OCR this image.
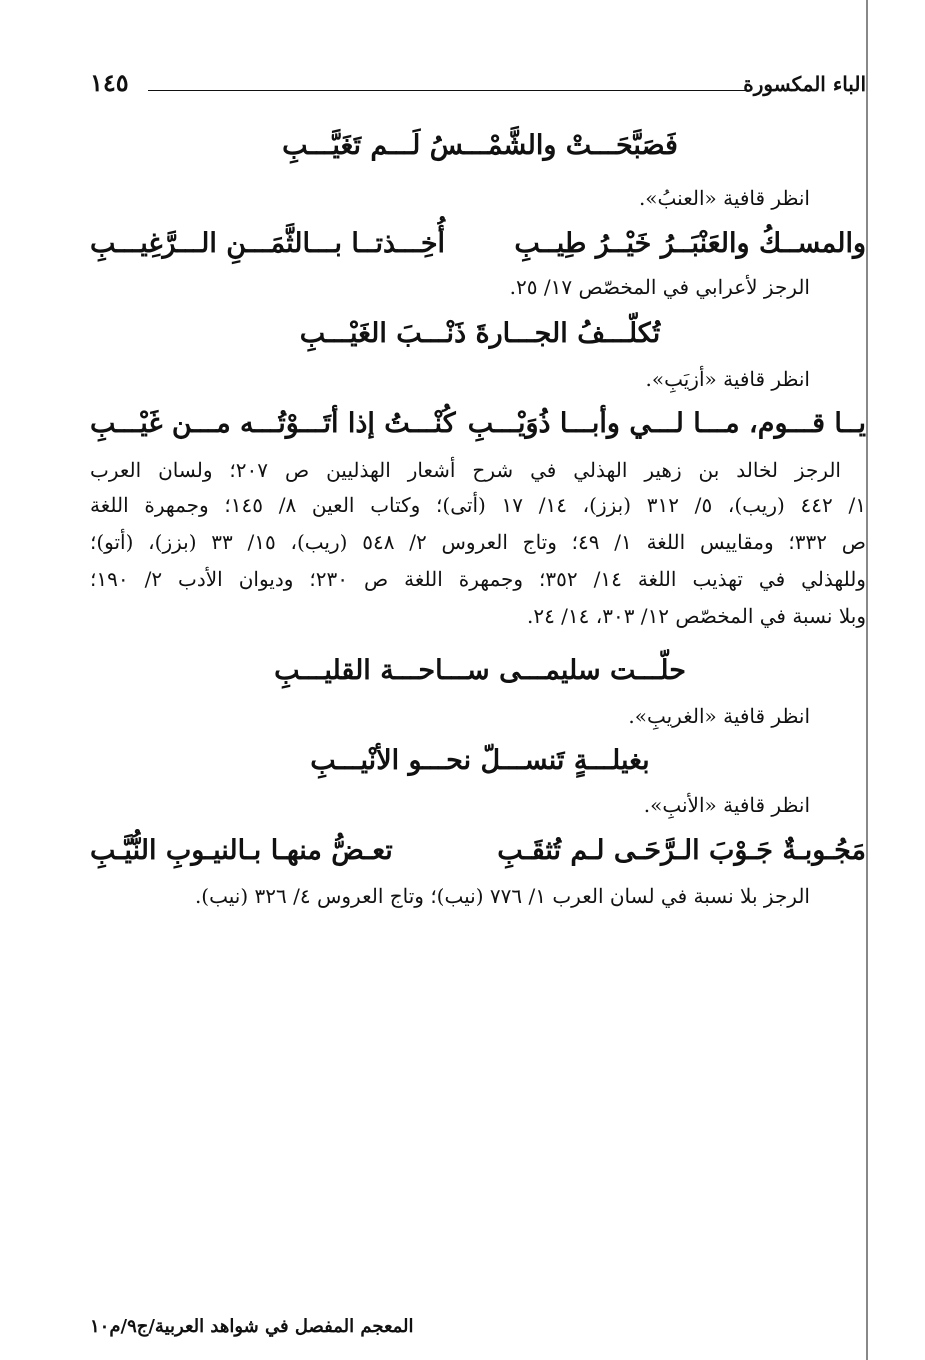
الباء المكسورة
١٤٥
فَصَبَّحَـــتْ والشَّمْـــسُ لَـــم تَغَيَّـــبِ
انظر قافية «العنبُ».
والمســكُ والعَنْبَــرُ خَيْــرُ طِيــبِ
أُخِـــذتــا بـــالثَّمَـــنِ الـــرَّغِيـــبِ
الرجز لأعرابي في المخصّص ١٧/ ٢٥.
تُكلّـــفُ الجـــارةَ ذَنْـــبَ الغَيْـــبِ
انظر قافية «أزيَبِ».
يــا قـــوم، مـــا لـــي وأبـــا ذُوَيْـــبِ
كُنْـــتُ إذا أتَـــوْتُـــه مـــن غَيْـــبِ
الرجز لخالد بن زهير الهذلي في شرح أشعار الهذليين ص ٢٠٧؛ ولسان العرب
١/ ٤٤٢ (ريب)، ٥/ ٣١٢ (بزز)، ١٤/ ١٧ (أتى)؛ وكتاب العين ٨/ ١٤٥؛ وجمهرة اللغة
ص ٣٣٢؛ ومقاييس اللغة ١/ ٤٩؛ وتاج العروس ٢/ ٥٤٨ (ريب)، ١٥/ ٣٣ (بزز)، (أتو)؛
وللهذلي في تهذيب اللغة ١٤/ ٣٥٢؛ وجمهرة اللغة ص ٢٣٠؛ وديوان الأدب ٢/ ١٩٠؛
وبلا نسبة في المخصّص ١٢/ ٣٠٣، ١٤/ ٢٤.
حلّـــت سليمـــى ســـاحـــة القليـــبِ
انظر قافية «الغريبِ».
بغيلـــةٍ تَنســـلّ نحـــو الأنْيـــبِ
انظر قافية «الأنبِ».
مَجُـوبـةٌ جَـوْبَ الـرَّحَـى لـم تُثقَـبِ
تعـضُّ منهـا بـالنيـوبِ النُّيَّـبِ
الرجز بلا نسبة في لسان العرب ١/ ٧٧٦ (نيب)؛ وتاج العروس ٤/ ٣٢٦ (نيب).
المعجم المفصل في شواهد العربية/ج٩/م١٠
